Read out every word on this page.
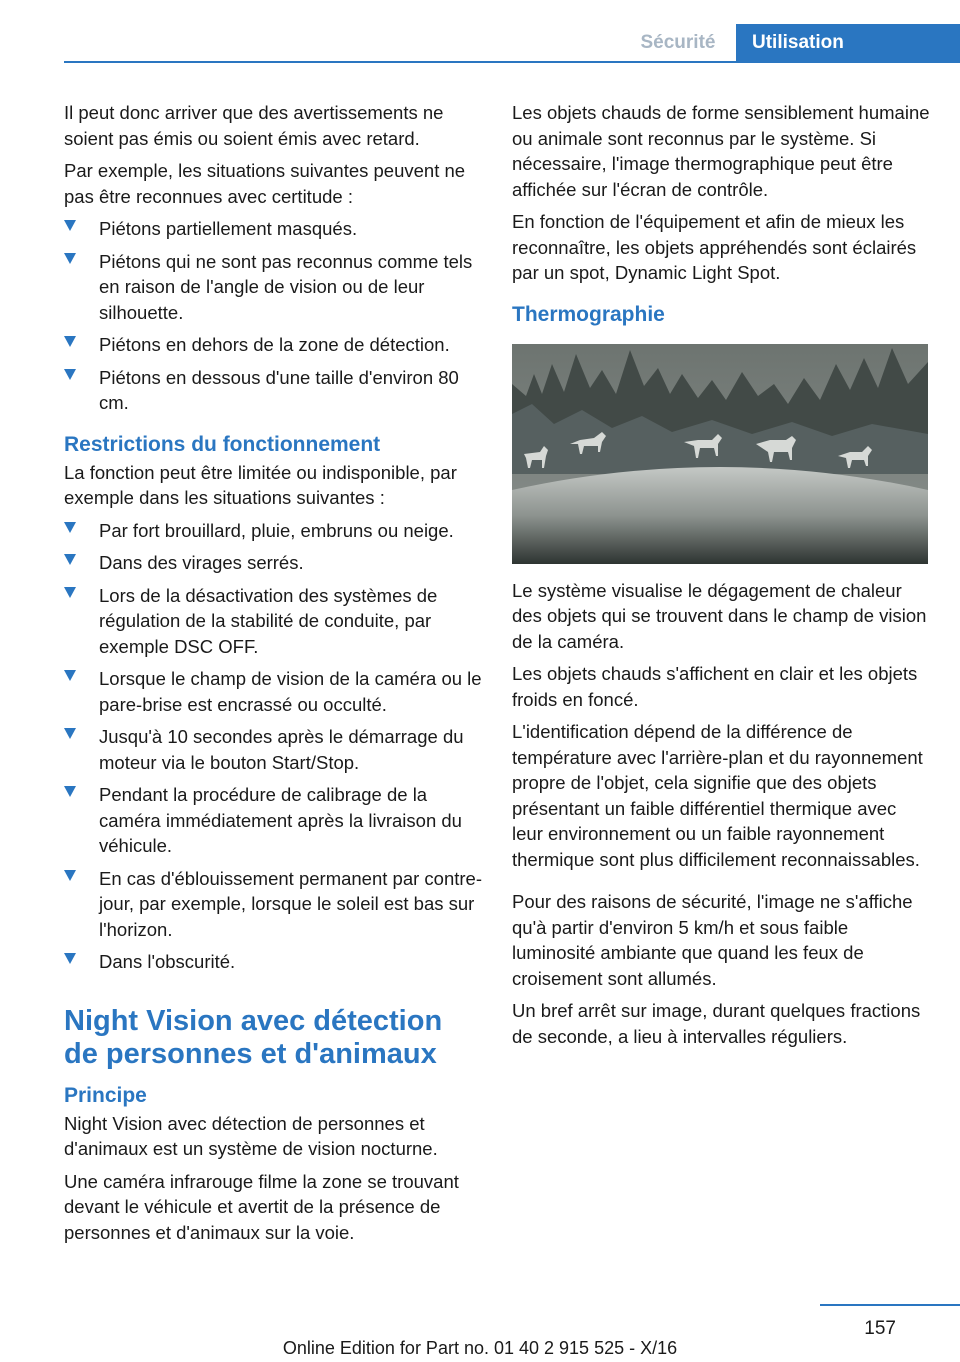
Sécurité	Utilisation

Il peut donc arriver que des avertissements ne soient pas émis ou soient émis avec retard.

Par exemple, les situations suivantes peuvent ne pas être reconnues avec certitude :

Piétons partiellement masqués.
Piétons qui ne sont pas reconnus comme tels en raison de l'angle de vision ou de leur silhouette.
Piétons en dehors de la zone de détection.
Piétons en dessous d'une taille d'environ 80 cm.
Restrictions du fonctionnement

La fonction peut être limitée ou indisponible, par exemple dans les situations suivantes :

Par fort brouillard, pluie, embruns ou neige.
Dans des virages serrés.
Lors de la désactivation des systèmes de régulation de la stabilité de conduite, par exemple DSC OFF.
Lorsque le champ de vision de la caméra ou le pare-brise est encrassé ou occulté.
Jusqu'à 10 secondes après le démarrage du moteur via le bouton Start/Stop.
Pendant la procédure de calibrage de la caméra immédiatement après la livraison du véhicule.
En cas d'éblouissement permanent par contre-jour, par exemple, lorsque le soleil est bas sur l'horizon.
Dans l'obscurité.
Night Vision avec détection de personnes et d'animaux
Principe

Night Vision avec détection de personnes et d'animaux est un système de vision nocturne.

Une caméra infrarouge filme la zone se trouvant devant le véhicule et avertit de la présence de personnes et d'animaux sur la voie.

Les objets chauds de forme sensiblement humaine ou animale sont reconnus par le système. Si nécessaire, l'image thermographique peut être affichée sur l'écran de contrôle.

En fonction de l'équipement et afin de mieux les reconnaître, les objets appréhendés sont éclairés par un spot, Dynamic Light Spot.

Thermographie

Le système visualise le dégagement de chaleur des objets qui se trouvent dans le champ de vision de la caméra.

Les objets chauds s'affichent en clair et les objets froids en foncé.

L'identification dépend de la différence de température avec l'arrière-plan et du rayonnement propre de l'objet, cela signifie que des objets présentant un faible différentiel thermique avec leur environnement ou un faible rayonnement thermique sont plus difficilement reconnaissables.

Pour des raisons de sécurité, l'image ne s'affiche qu'à partir d'environ 5 km/h et sous faible luminosité ambiante que quand les feux de croisement sont allumés.

Un bref arrêt sur image, durant quelques fractions de seconde, a lieu à intervalles réguliers.

157
Online Edition for Part no. 01 40 2 915 525 - X/16
